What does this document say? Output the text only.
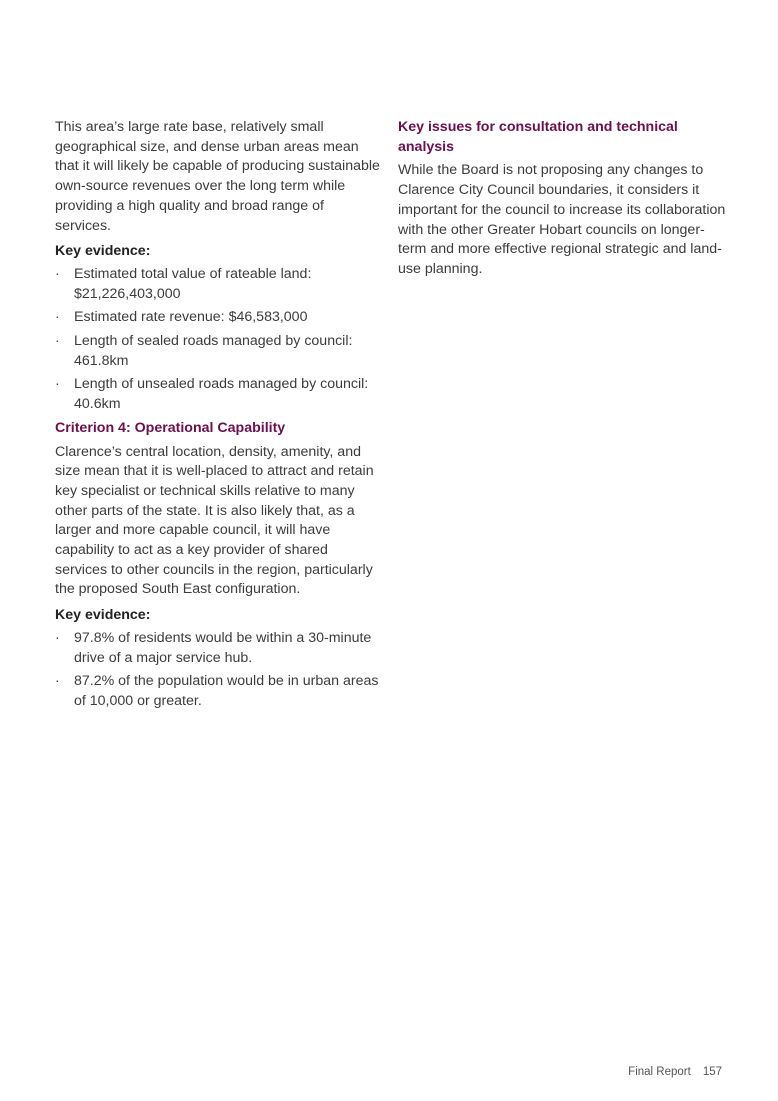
This area’s large rate base, relatively small geographical size, and dense urban areas mean that it will likely be capable of producing sustainable own-source revenues over the long term while providing a high quality and broad range of services.

Key evidence:
·	Estimated total value of rateable land: $21,226,403,000
·	Estimated rate revenue: $46,583,000
·	Length of sealed roads managed by council: 461.8km
·	Length of unsealed roads managed by council: 40.6km
Criterion 4: Operational Capability

Clarence’s central location, density, amenity, and size mean that it is well-placed to attract and retain key specialist or technical skills relative to many other parts of the state. It is also likely that, as a larger and more capable council, it will have capability to act as a key provider of shared services to other councils in the region, particularly the proposed South East configuration.

Key evidence:
·	97.8% of residents would be within a 30-minute drive of a major service hub.
·	87.2% of the population would be in urban areas of 10,000 or greater.
Key issues for consultation and technical analysis

While the Board is not proposing any changes to Clarence City Council boundaries, it considers it important for the council to increase its collaboration with the other Greater Hobart councils on longer-term and more effective regional strategic and land-use planning.

Final Report 157
